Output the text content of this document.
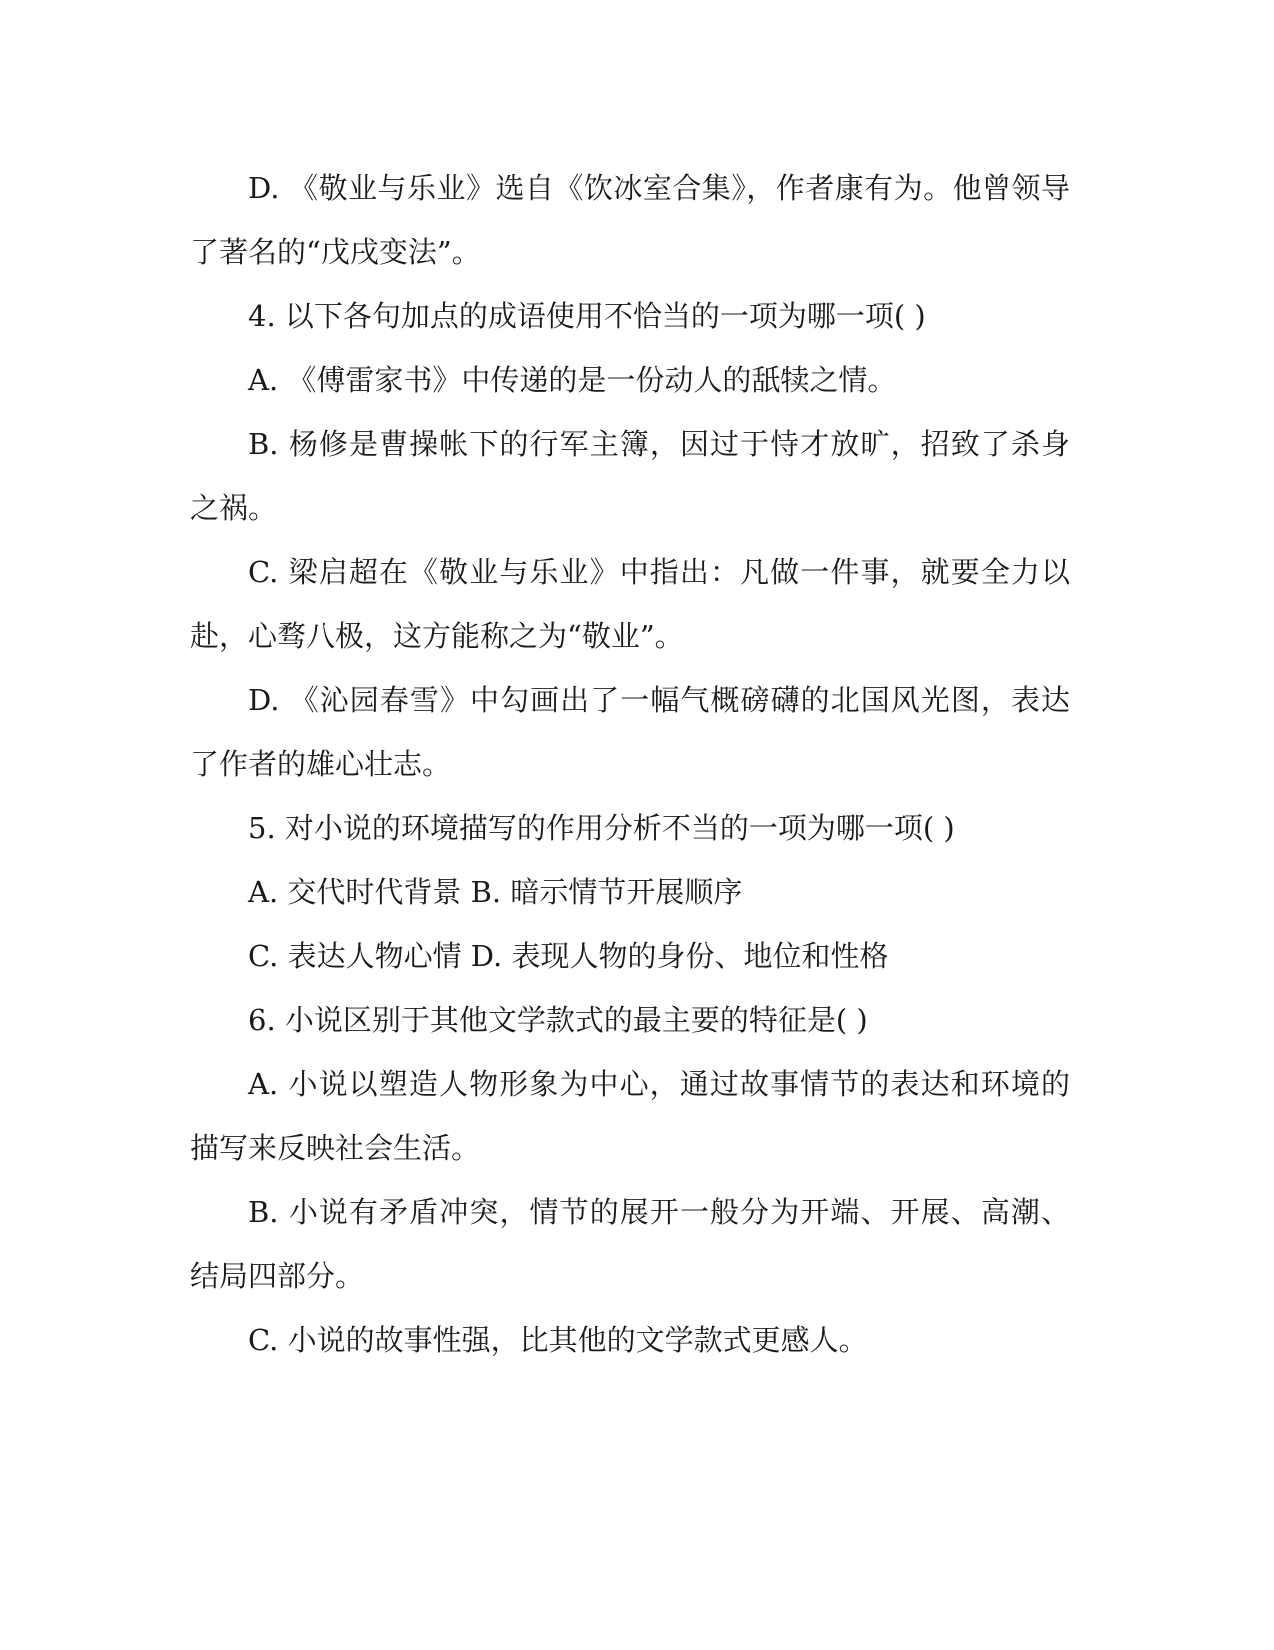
D. 《敬业与乐业》选自《饮冰室合集》，作者康有为。他曾领导了著名的“戊戌变法”。

4. 以下各句加点的成语使用不恰当的一项为哪一项( )

A. 《傅雷家书》中传递的是一份动人的舐犊之情。

B. 杨修是曹操帐下的行军主簿，因过于恃才放旷，招致了杀身之祸。

C. 梁启超在《敬业与乐业》中指出：凡做一件事，就要全力以赴，心骛八极，这方能称之为“敬业”。

D. 《沁园春雪》中勾画出了一幅气概磅礴的北国风光图，表达了作者的雄心壮志。

5. 对小说的环境描写的作用分析不当的一项为哪一项( )

A. 交代时代背景 B. 暗示情节开展顺序

C. 表达人物心情 D. 表现人物的身份、地位和性格

6. 小说区别于其他文学款式的最主要的特征是( )

A. 小说以塑造人物形象为中心，通过故事情节的表达和环境的描写来反映社会生活。

B. 小说有矛盾冲突，情节的展开一般分为开端、开展、高潮、结局四部分。

C. 小说的故事性强，比其他的文学款式更感人。
